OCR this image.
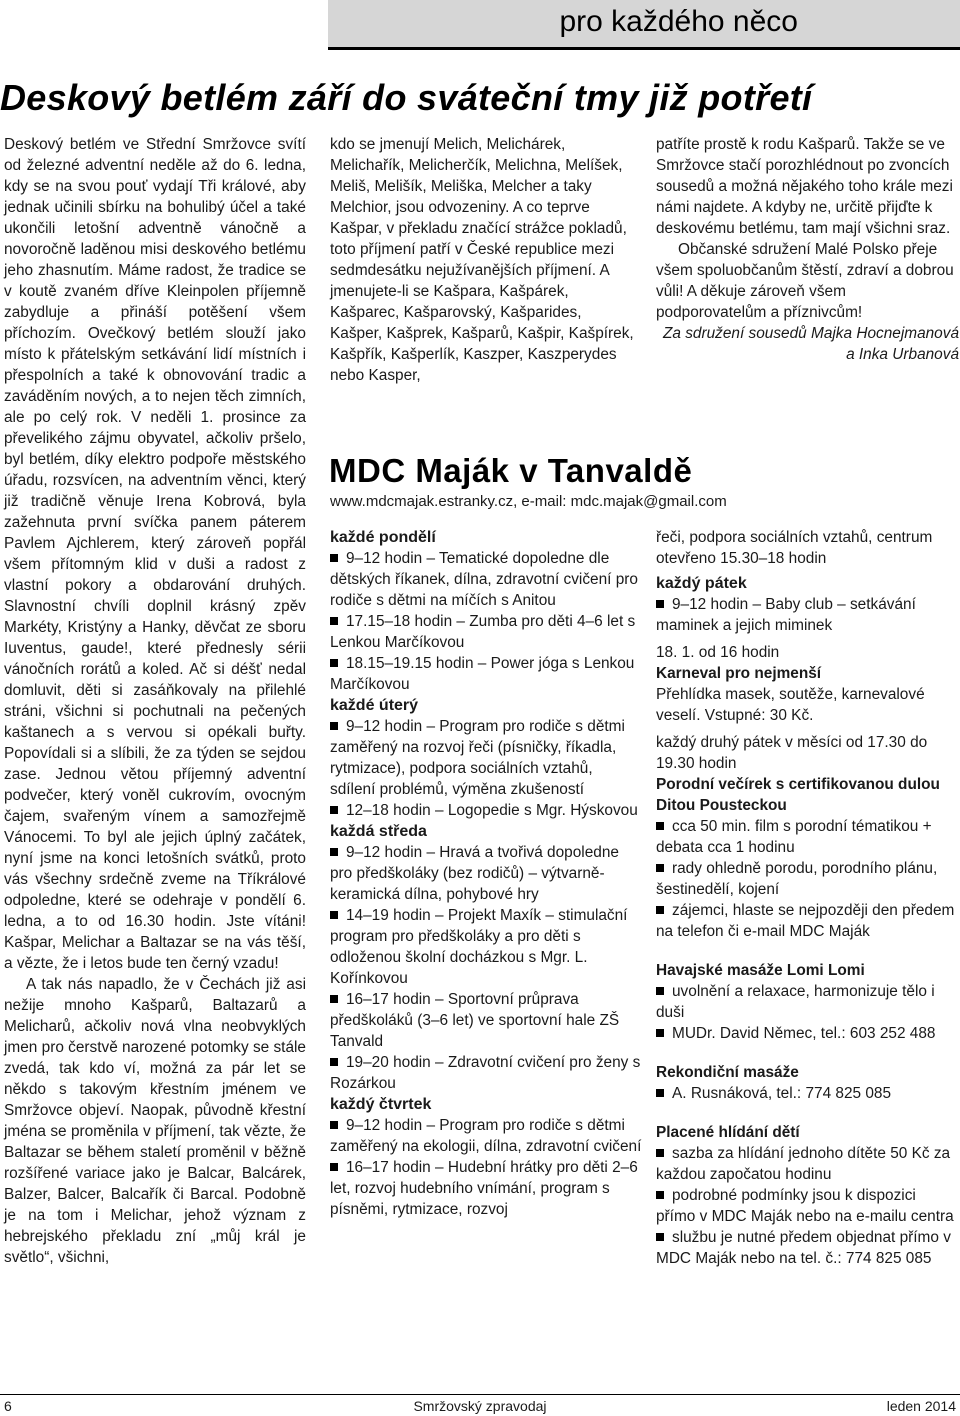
pro každého něco
Deskový betlém září do sváteční tmy již potřetí

Deskový betlém ve Střední Smržovce svítí od železné adventní neděle až do 6. ledna, kdy se na svou pouť vydají Tři králové, aby jednak učinili sbírku na bohulibý účel a také ukončili letošní adventně vánočně a novoročně laděnou misi deskového betlému jeho zhasnutím. Máme radost, že tradice se v koutě zvaném dříve Kleinpolen příjemně zabydluje a přináší potěšení všem příchozím. Ovečkový betlém slouží jako místo k přátelským setkávání lidí místních i přespolních a také k obnovování tradic a zaváděním nových, a to nejen těch zimních, ale po celý rok. V neděli 1. prosince za převelikého zájmu obyvatel, ačkoliv pršelo, byl betlém, díky elektro podpoře městského úřadu, rozsvícen, na adventním věnci, který již tradičně věnuje Irena Kobrová, byla zažehnuta první svíčka panem páterem Pavlem Ajchlerem, který zároveň popřál všem přítomným klid v duši a radost z vlastní pokory a obdarování druhých. Slavnostní chvíli doplnil krásný zpěv Markéty, Kristýny a Hanky, děvčat ze sboru Iuventus, gaude!, které přednesly sérii vánočních rorátů a koled. Ač si déšť nedal domluvit, děti si zasáňkovaly na přilehlé stráni, všichni si pochutnali na pečených kaštanech a s vervou si opékali buřty. Popovídali si a slíbili, že za týden se sejdou zase. Jednou větou příjemný adventní podvečer, který voněl cukrovím, ovocným čajem, svařeným vínem a samozřejmě Vánocemi. To byl ale jejich úplný začátek, nyní jsme na konci letošních svátků, proto vás všechny srdečně zveme na Tříkrálové odpoledne, které se odehraje v pondělí 6. ledna, a to od 16.30 hodin. Jste vítáni! Kašpar, Melichar a Baltazar se na vás těší, a vězte, že i letos bude ten černý vzadu!

A tak nás napadlo, že v Čechách již asi nežije mnoho Kašparů, Baltazarů a Melicharů, ačkoliv nová vlna neobvyklých jmen pro čerstvě narozené potomky se stále zvedá, tak kdo ví, možná za pár let se někdo s takovým křestním jménem ve Smržovce objeví. Naopak, původně křestní jména se proměnila v příjmení, tak vězte, že Baltazar se během staletí proměnil v běžně rozšířené variace jako je Balcar, Balcárek, Balzer, Balcer, Balcařík či Barcal. Podobně je na tom i Melichar, jehož význam z hebrejského překladu zní „můj král je světlo“, všichni,

kdo se jmenují Melich, Melichárek, Melichařík, Melicherčík, Melichna, Melíšek, Meliš, Melišík, Meliška, Melcher a taky Melchior, jsou odvozeniny. A co teprve Kašpar, v překladu značící strážce pokladů, toto příjmení patří v České republice mezi sedmdesátku nejužívanějších příjmení. A jmenujete-li se Kašpara, Kašpárek, Kašparec, Kašparovský, Kašparides, Kašper, Kašprek, Kašparů, Kašpir, Kašpírek, Kašpřík, Kašperlík, Kaszper, Kaszperydes nebo Kasper,

patříte prostě k rodu Kašparů. Takže se ve Smržovce stačí porozhlédnout po zvoncích sousedů a možná nějakého toho krále mezi námi najdete. A kdyby ne, určitě přijďte k deskovému betlému, tam mají všichni sraz.

Občanské sdružení Malé Polsko přeje všem spoluobčanům štěstí, zdraví a dobrou vůli! A děkuje zároveň všem podporovatelům a příznivcům!

Za sdružení sousedů Majka Hocnejmanová a Inka Urbanová

MDC Maják v Tanvaldě
www.mdcmajak.estranky.cz, e-mail: mdc.majak@gmail.com

každé pondělí

9–12 hodin – Tematické dopoledne dle dětských říkanek, dílna, zdravotní cvičení pro rodiče s dětmi na míčích s Anitou

17.15–18 hodin – Zumba pro děti 4–6 let s Lenkou Marčíkovou

18.15–19.15 hodin – Power jóga s Lenkou Marčíkovou

každé úterý

9–12 hodin – Program pro rodiče s dětmi zaměřený na rozvoj řeči (písničky, říkadla, rytmizace), podpora sociálních vztahů, sdílení problémů, výměna zkušeností

12–18 hodin – Logopedie s Mgr. Hýskovou

každá středa

9–12 hodin – Hravá a tvořivá dopoledne pro předškoláky (bez rodičů) – výtvarně-keramická dílna, pohybové hry

14–19 hodin – Projekt Maxík – stimulační program pro předškoláky a pro děti s odloženou školní docházkou s Mgr. L. Kořínkovou

16–17 hodin – Sportovní průprava předškoláků (3–6 let) ve sportovní hale ZŠ Tanvald

19–20 hodin – Zdravotní cvičení pro ženy s Rozárkou

každý čtvrtek

9–12 hodin – Program pro rodiče s dětmi zaměřený na ekologii, dílna, zdravotní cvičení

16–17 hodin – Hudební hrátky pro děti 2–6 let, rozvoj hudebního vnímání, program s písněmi, rytmizace, rozvoj

řeči, podpora sociálních vztahů, centrum otevřeno 15.30–18 hodin

každý pátek

9–12 hodin – Baby club – setkávání maminek a jejich miminek

18. 1. od 16 hodin

Karneval pro nejmenší

Přehlídka masek, soutěže, karnevalové veselí. Vstupné: 30 Kč.

každý druhý pátek v měsíci od 17.30 do 19.30 hodin

Porodní večírek s certifikovanou dulou Ditou Pousteckou

cca 50 min. film s porodní tématikou + debata cca 1 hodinu

rady ohledně porodu, porodního plánu, šestinedělí, kojení

zájemci, hlaste se nejpozději den předem na telefon či e-mail MDC Maják

Havajské masáže Lomi Lomi

uvolnění a relaxace, harmonizuje tělo i duši

MUDr. David Němec, tel.: 603 252 488

Rekondiční masáže

A. Rusnáková, tel.: 774 825 085

Placené hlídání dětí

sazba za hlídání jednoho dítěte 50 Kč za každou započatou hodinu

podrobné podmínky jsou k dispozici přímo v MDC Maják nebo na e-mailu centra

službu je nutné předem objednat přímo v MDC Maják nebo na tel. č.: 774 825 085

6	Smržovský zpravodaj	leden 2014
